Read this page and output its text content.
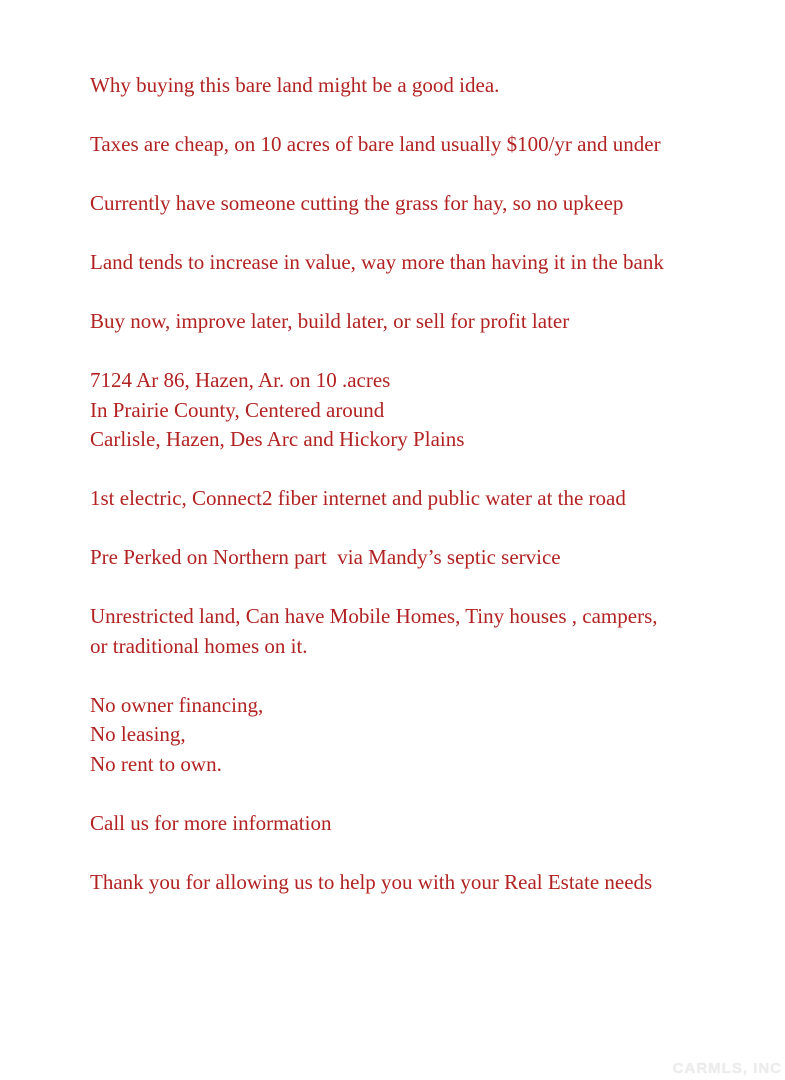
Why buying this bare land might be a good idea.

Taxes are cheap, on 10 acres of bare land usually $100/yr and under

Currently have someone cutting the grass for hay, so no upkeep

Land tends to increase in value, way more than having it in the bank

Buy now, improve later, build later, or sell for profit later

7124 Ar 86, Hazen, Ar. on 10 .acres
In Prairie County, Centered around
Carlisle, Hazen, Des Arc and Hickory Plains

1st electric, Connect2 fiber internet and public water at the road

Pre Perked on Northern part  via Mandy’s septic service

Unrestricted land, Can have Mobile Homes, Tiny houses , campers,
or traditional homes on it.

No owner financing,
No leasing,
No rent to own.

Call us for more information

Thank you for allowing us to help you with your Real Estate needs

CARMLS, INC
